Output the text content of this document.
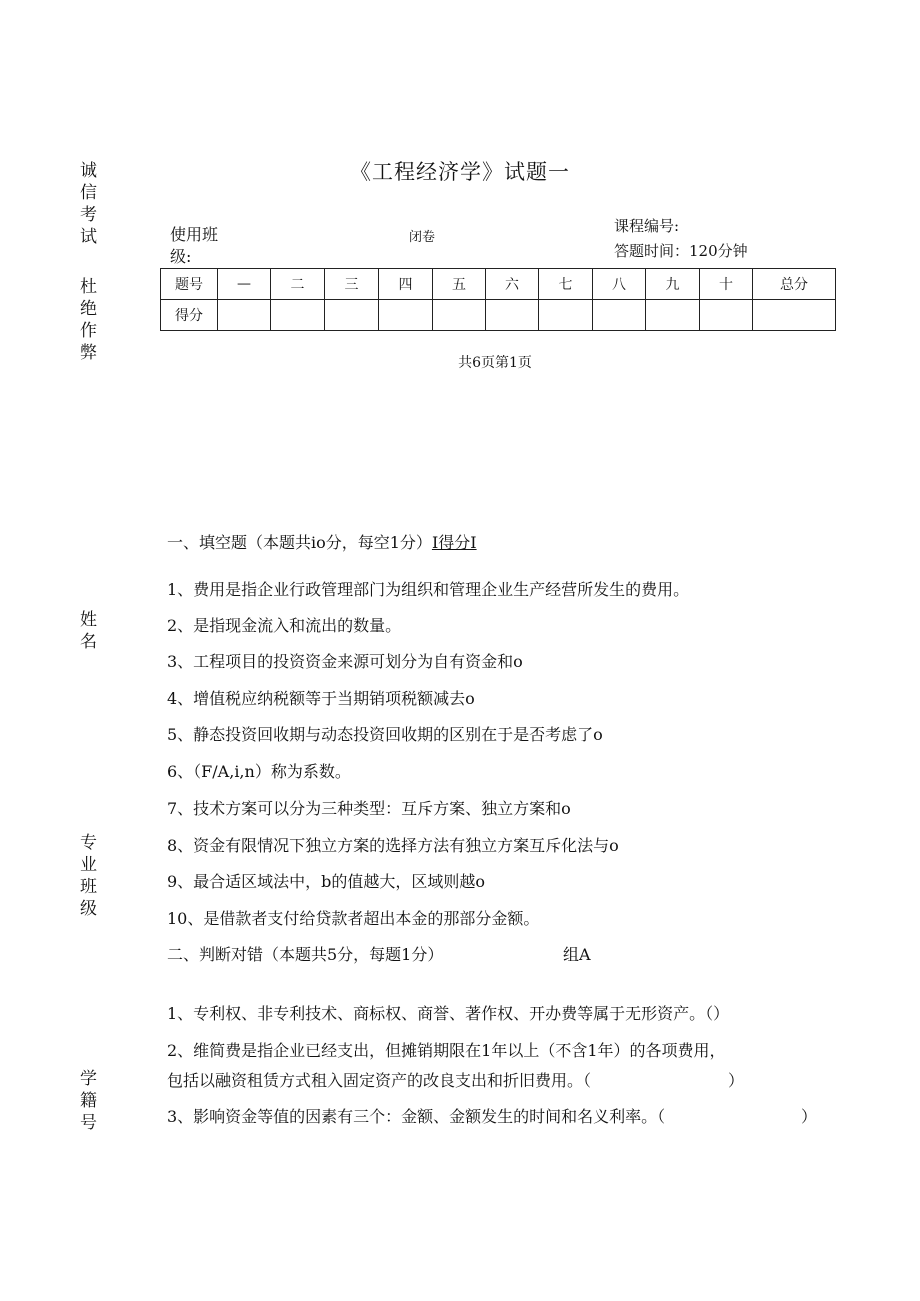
诚
信
考
试
杜
绝
作
弊
姓
名
专
业
班
级
学
籍
号
《工程经济学》试题一
使用班
级:
闭卷
课程编号:
答题时间：120分钟
题号	—	二	三	四	五	六	七	八	九	十	总分
得分											
共6页第1页
一、填空题（本题共io分，每空1分）I得分I
1、费用是指企业行政管理部门为组织和管理企业生产经营所发生的费用。
2、是指现金流入和流出的数量。
3、工程项目的投资资金来源可划分为自有资金和o
4、增值税应纳税额等于当期销项税额减去o
5、静态投资回收期与动态投资回收期的区别在于是否考虑了o
6、（F/A,i,n）称为系数。
7、技术方案可以分为三种类型：互斥方案、独立方案和o
8、资金有限情况下独立方案的选择方法有独立方案互斥化法与o
9、最合适区域法中，b的值越大，区域则越o
10、是借款者支付给贷款者超出本金的那部分金额。
二、判断对错（本题共5分，每题1分）	组A
1、专利权、非专利技术、商标权、商誉、著作权、开办费等属于无形资产。（）
2、维简费是指企业已经支出，但摊销期限在1年以上（不含1年）的各项费用，
包括以融资租赁方式租入固定资产的改良支出和折旧费用。（	）
3、影响资金等值的因素有三个：金额、金额发生的时间和名义利率。（	）
